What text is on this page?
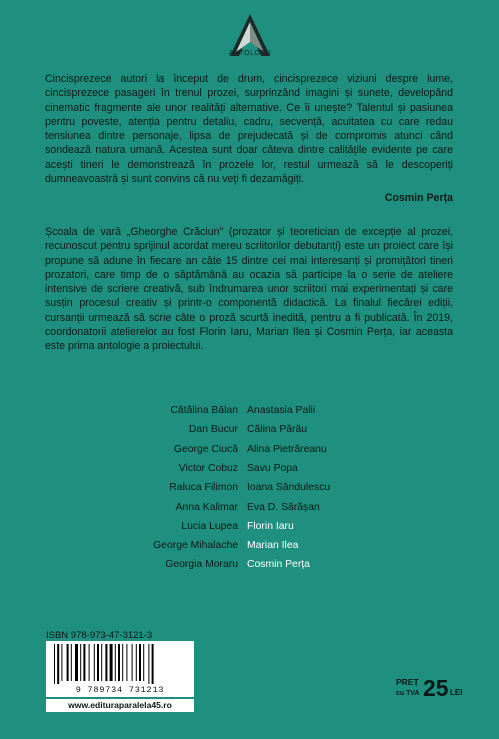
ANTOLOGII
Cincisprezece autori la început de drum, cincisprezece viziuni despre lume, cincisprezece pasageri în trenul prozei, surprinzând imagini și sunete, developând cinematic fragmente ale unor realități alternative. Ce îi unește? Talentul și pasiunea pentru poveste, atenția pentru detaliu, cadru, secvență, acuitatea cu care redau tensiunea dintre personaje, lipsa de prejudecată și de compromis atunci când sondează natura umană. Acestea sunt doar câteva dintre calitățile evidente pe care acești tineri le demonstrează în prozele lor, restul urmează să le descoperiți dumneavoastră și sunt convins că nu veți fi dezamăgiți.
Cosmin Perța
Școala de vară „Gheorghe Crăciun" (prozator și teoretician de excepție al prozei, recunoscut pentru sprijinul acordat mereu scriitorilor debutanți) este un proiect care își propune să adune în fiecare an câte 15 dintre cei mai interesanți și promițători tineri prozatori, care timp de o săptămână au ocazia să participe la o serie de ateliere intensive de scriere creativă, sub îndrumarea unor scriitori mai experimentați și care susțin procesul creativ și printr-o componentă didactică. La finalul fiecărei ediții, cursanții urmează să scrie câte o proză scurtă inedită, pentru a fi publicată. În 2019, coordonatorii atelierelor au fost Florin Iaru, Marian Ilea și Cosmin Perța, iar aceasta este prima antologie a proiectului.
Cătălina Bălan Anastasia Palii
Dan Bucur Călina Părău
George Ciucă Alina Pietrăreanu
Victor Cobuz Savu Popa
Raluca Filimon Ioana Săndulescu
Anna Kalimar Eva D. Sărășan
Lucia Lupea Florin Iaru
George Mihalache Marian Ilea
Georgia Moraru Cosmin Perța
ISBN 978-973-47-3121-3
9 789734 731213
www.edituraparalela45.ro
PREȚ
cu TVA 25 LEI
